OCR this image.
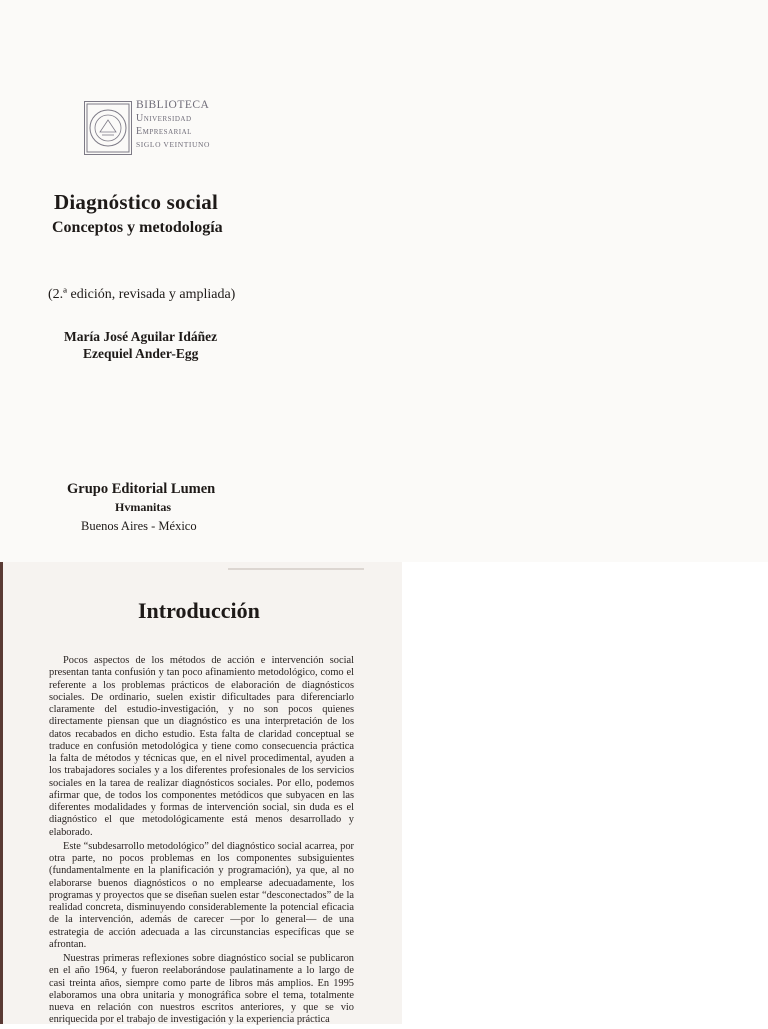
BIBLIOTECA
Universidad
Empresarial
SIGLO VEINTIUNO
Diagnóstico social
Conceptos y metodología
(2.ª edición, revisada y ampliada)
María José Aguilar Idáñez
Ezequiel Ander-Egg
Grupo Editorial Lumen
Hvmanitas
Buenos Aires - México
Introducción

Pocos aspectos de los métodos de acción e intervención social presentan tanta confusión y tan poco afinamiento metodológico, como el referente a los problemas prácticos de elaboración de diagnósticos sociales. De ordinario, suelen existir dificultades para diferenciarlo claramente del estudio-investigación, y no son pocos quienes directamente piensan que un diagnóstico es una interpretación de los datos recabados en dicho estudio. Esta falta de claridad conceptual se traduce en confusión metodológica y tiene como consecuencia práctica la falta de métodos y técnicas que, en el nivel procedimental, ayuden a los trabajadores sociales y a los diferentes profesionales de los servicios sociales en la tarea de realizar diagnósticos sociales. Por ello, podemos afirmar que, de todos los componentes metódicos que subyacen en las diferentes modalidades y formas de intervención social, sin duda es el diagnóstico el que metodológicamente está menos desarrollado y elaborado.

Este “subdesarrollo metodológico” del diagnóstico social acarrea, por otra parte, no pocos problemas en los componentes subsiguientes (fundamentalmente en la planificación y programación), ya que, al no elaborarse buenos diagnósticos o no emplearse adecuadamente, los programas y proyectos que se diseñan suelen estar “desconectados” de la realidad concreta, disminuyendo considerablemente la potencial eficacia de la intervención, además de carecer —por lo general— de una estrategia de acción adecuada a las circunstancias específicas que se afrontan.

Nuestras primeras reflexiones sobre diagnóstico social se publicaron en el año 1964, y fueron reelaborándose paulatinamente a lo largo de casi treinta años, siempre como parte de libros más amplios. En 1995 elaboramos una obra unitaria y monográfica sobre el tema, totalmente nueva en relación con nuestros escritos anteriores, y que se vio enriquecida por el trabajo de investigación y la experiencia práctica
